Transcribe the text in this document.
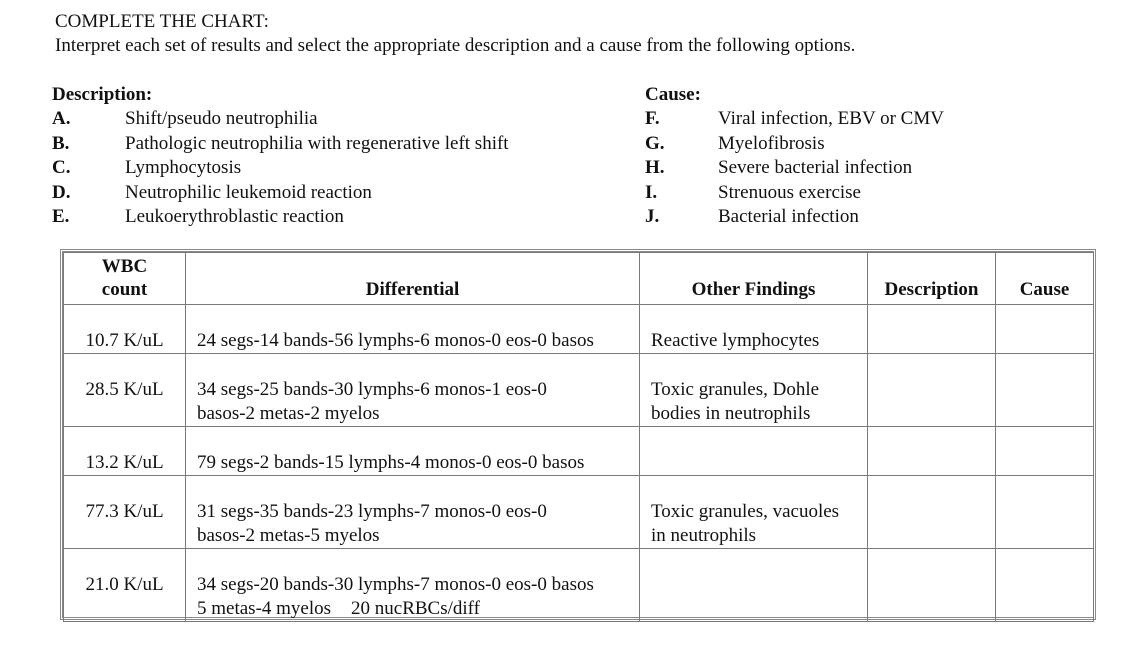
COMPLETE THE CHART:
Interpret each set of results and select the appropriate description and a cause from the following options.
Description:
A.	Shift/pseudo neutrophilia
B.	Pathologic neutrophilia with regenerative left shift
C.	Lymphocytosis
D.	Neutrophilic leukemoid reaction
E.	Leukoerythroblastic reaction
Cause:
F.	Viral infection, EBV or CMV
G.	Myelofibrosis
H.	Severe bacterial infection
I.	Strenuous exercise
J.	Bacterial infection
WBC
count	Differential	Other Findings	Description	Cause
10.7 K/uL	24 segs-14 bands-56 lymphs-6 monos-0 eos-0 basos	Reactive lymphocytes		

28.5 K/uL	34 segs-25 bands-30 lymphs-6 monos-1 eos-0
basos-2 metas-2 myelos	Toxic granules, Dohle
bodies in neutrophils		

13.2 K/uL	79 segs-2 bands-15 lymphs-4 monos-0 eos-0 basos			

77.3 K/uL	31 segs-35 bands-23 lymphs-7 monos-0 eos-0
basos-2 metas-5 myelos	Toxic granules, vacuoles
in neutrophils		

21.0 K/uL	34 segs-20 bands-30 lymphs-7 monos-0 eos-0 basos
5 metas-4 myelos 20 nucRBCs/diff			
